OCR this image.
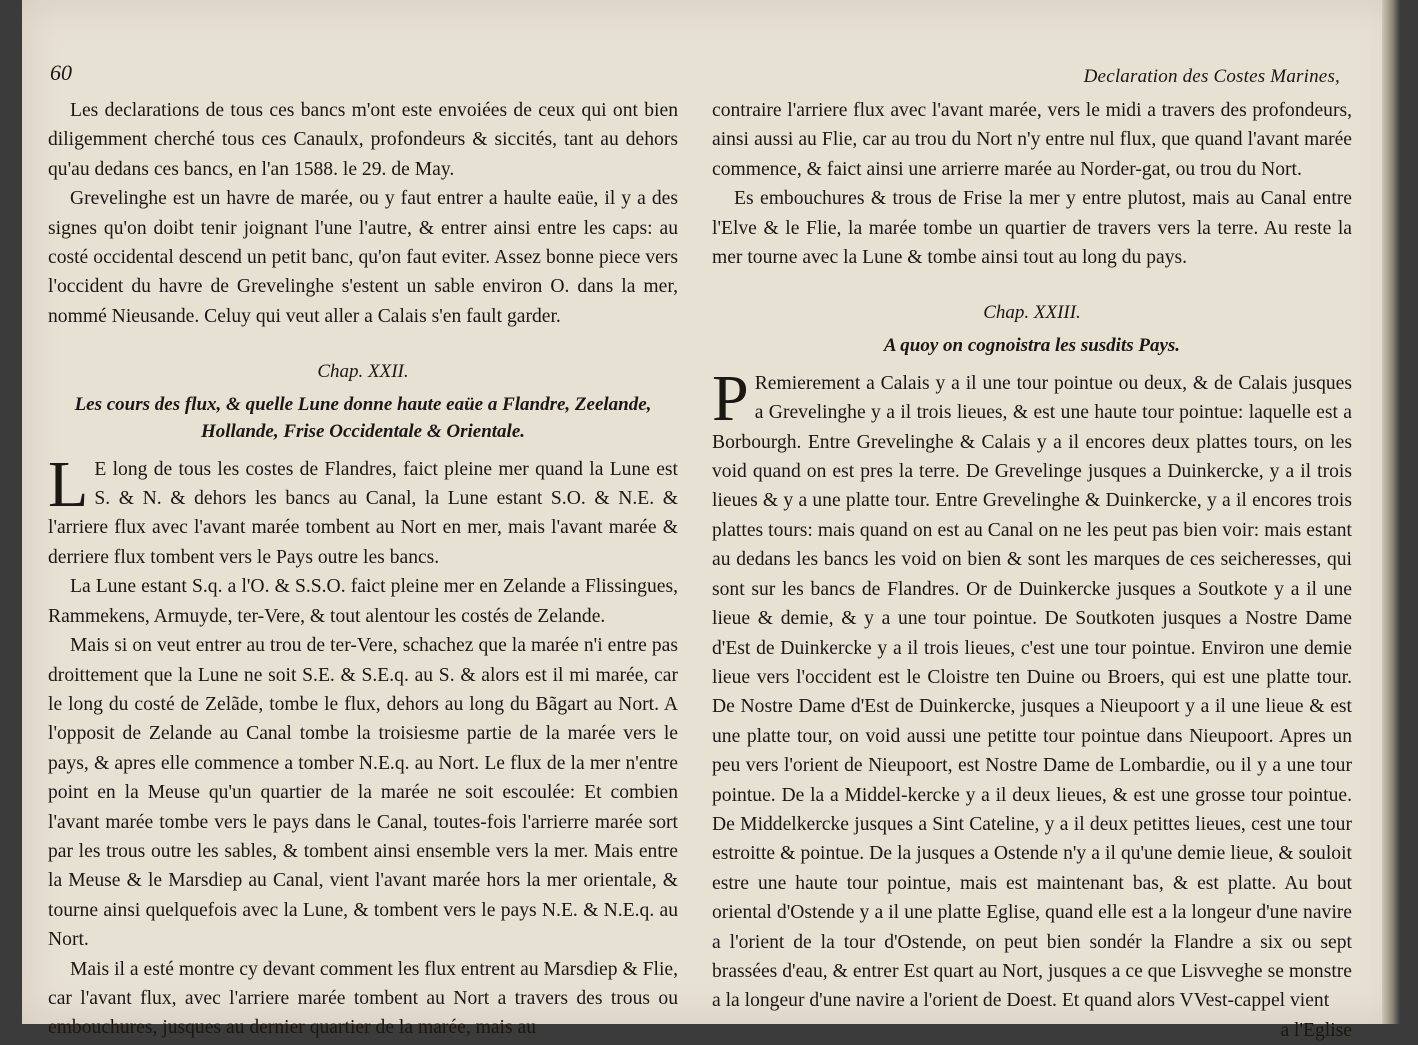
60	Declaration des Costes Marines,

Les declarations de tous ces bancs m'ont este envoiées de ceux qui ont bien diligemment cherché tous ces Canaulx, profondeurs & siccités, tant au dehors qu'au dedans ces bancs, en l'an 1588. le 29. de May.

Grevelinghe est un havre de marée, ou y faut entrer a haulte eaüe, il y a des signes qu'on doibt tenir joignant l'une l'autre, & entrer ainsi entre les caps: au costé occidental descend un petit banc, qu'on faut eviter. Assez bonne piece vers l'occident du havre de Grevelinghe s'estent un sable environ O. dans la mer, nommé Nieusande. Celuy qui veut aller a Calais s'en fault garder.

Chap. XXII.
Les cours des flux, & quelle Lune donne haute eaüe a Flandre, Zeelande, Hollande, Frise Occidentale & Orientale.

LE long de tous les costes de Flandres, faict pleine mer quand la Lune est S. & N. & dehors les bancs au Canal, la Lune estant S.O. & N.E. & l'arriere flux avec l'avant marée tombent au Nort en mer, mais l'avant marée & derriere flux tombent vers le Pays outre les bancs.

La Lune estant S.q. a l'O. & S.S.O. faict pleine mer en Zelande a Flissingues, Rammekens, Armuyde, ter-Vere, & tout alentour les costés de Zelande.

Mais si on veut entrer au trou de ter-Vere, schachez que la marée n'i entre pas droittement que la Lune ne soit S.E. & S.E.q. au S. & alors est il mi marée, car le long du costé de Zelãde, tombe le flux, dehors au long du Bãgart au Nort. A l'opposit de Zelande au Canal tombe la troisiesme partie de la marée vers le pays, & apres elle commence a tomber N.E.q. au Nort. Le flux de la mer n'entre point en la Meuse qu'un quartier de la marée ne soit escoulée: Et combien l'avant marée tombe vers le pays dans le Canal, toutes-fois l'arrierre marée sort par les trous outre les sables, & tombent ainsi ensemble vers la mer. Mais entre la Meuse & le Marsdiep au Canal, vient l'avant marée hors la mer orientale, & tourne ainsi quelquefois avec la Lune, & tombent vers le pays N.E. & N.E.q. au Nort.

Mais il a esté montre cy devant comment les flux entrent au Marsdiep & Flie, car l'avant flux, avec l'arriere marée tombent au Nort a travers des trous ou embouchures, jusques au dernier quartier de la marée, mais au

contraire l'arriere flux avec l'avant marée, vers le midi a travers des profondeurs, ainsi aussi au Flie, car au trou du Nort n'y entre nul flux, que quand l'avant marée commence, & faict ainsi une arrierre marée au Norder-gat, ou trou du Nort.

Es embouchures & trous de Frise la mer y entre plutost, mais au Canal entre l'Elve & le Flie, la marée tombe un quartier de travers vers la terre. Au reste la mer tourne avec la Lune & tombe ainsi tout au long du pays.

Chap. XXIII.
A quoy on cognoistra les susdits Pays.

PRemierement a Calais y a il une tour pointue ou deux, & de Calais jusques a Grevelinghe y a il trois lieues, & est une haute tour pointue: laquelle est a Borbourgh. Entre Grevelinghe & Calais y a il encores deux plattes tours, on les void quand on est pres la terre. De Grevelinge jusques a Duinkercke, y a il trois lieues & y a une platte tour. Entre Grevelinghe & Duinkercke, y a il encores trois plattes tours: mais quand on est au Canal on ne les peut pas bien voir: mais estant au dedans les bancs les void on bien & sont les marques de ces seicheresses, qui sont sur les bancs de Flandres. Or de Duinkercke jusques a Soutkote y a il une lieue & demie, & y a une tour pointue. De Soutkoten jusques a Nostre Dame d'Est de Duinkercke y a il trois lieues, c'est une tour pointue. Environ une demie lieue vers l'occident est le Cloistre ten Duine ou Broers, qui est une platte tour. De Nostre Dame d'Est de Duinkercke, jusques a Nieupoort y a il une lieue & est une platte tour, on void aussi une petitte tour pointue dans Nieupoort. Apres un peu vers l'orient de Nieupoort, est Nostre Dame de Lombardie, ou il y a une tour pointue. De la a Middel-kercke y a il deux lieues, & est une grosse tour pointue. De Middelkercke jusques a Sint Cateline, y a il deux petittes lieues, cest une tour estroitte & pointue. De la jusques a Ostende n'y a il qu'une demie lieue, & souloit estre une haute tour pointue, mais est maintenant bas, & est platte. Au bout oriental d'Ostende y a il une platte Eglise, quand elle est a la longeur d'une navire a l'orient de la tour d'Ostende, on peut bien sondér la Flandre a six ou sept brassées d'eau, & entrer Est quart au Nort, jusques a ce que Lisvveghe se monstre a la longeur d'une navire a l'orient de Doest. Et quand alors VVest-cappel vient

a l'Eglise
